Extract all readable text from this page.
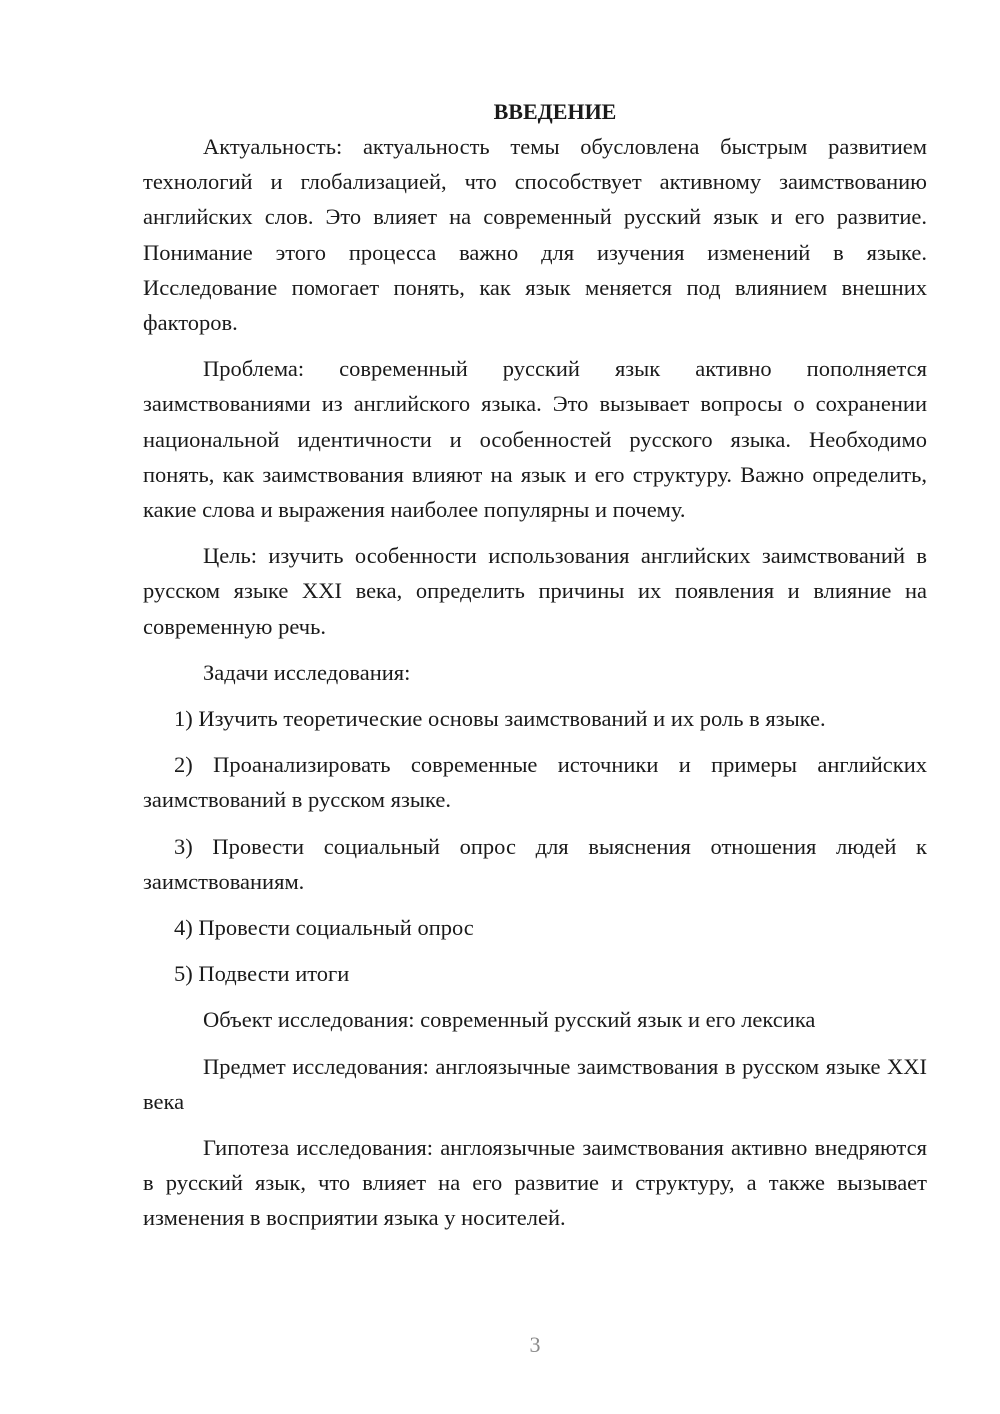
ВВЕДЕНИЕ

Актуальность: актуальность темы обусловлена быстрым развитием технологий и глобализацией, что способствует активному заимствованию английских слов. Это влияет на современный русский язык и его развитие. Понимание этого процесса важно для изучения изменений в языке. Исследование помогает понять, как язык меняется под влиянием внешних факторов.

Проблема: современный русский язык активно пополняется заимствованиями из английского языка. Это вызывает вопросы о сохранении национальной идентичности и особенностей русского языка. Необходимо понять, как заимствования влияют на язык и его структуру. Важно определить, какие слова и выражения наиболее популярны и почему.

Цель: изучить особенности использования английских заимствований в русском языке XXI века, определить причины их появления и влияние на современную речь.

Задачи исследования:

1) Изучить теоретические основы заимствований и их роль в языке.

2) Проанализировать современные источники и примеры английских заимствований в русском языке.

3) Провести социальный опрос для выяснения отношения людей к заимствованиям.

4) Провести социальный опрос

5) Подвести итоги

Объект исследования: современный русский язык и его лексика

Предмет исследования: англоязычные заимствования в русском языке XXI века

Гипотеза исследования: англоязычные заимствования активно внедряются в русский язык, что влияет на его развитие и структуру, а также вызывает изменения в восприятии языка у носителей.

3
